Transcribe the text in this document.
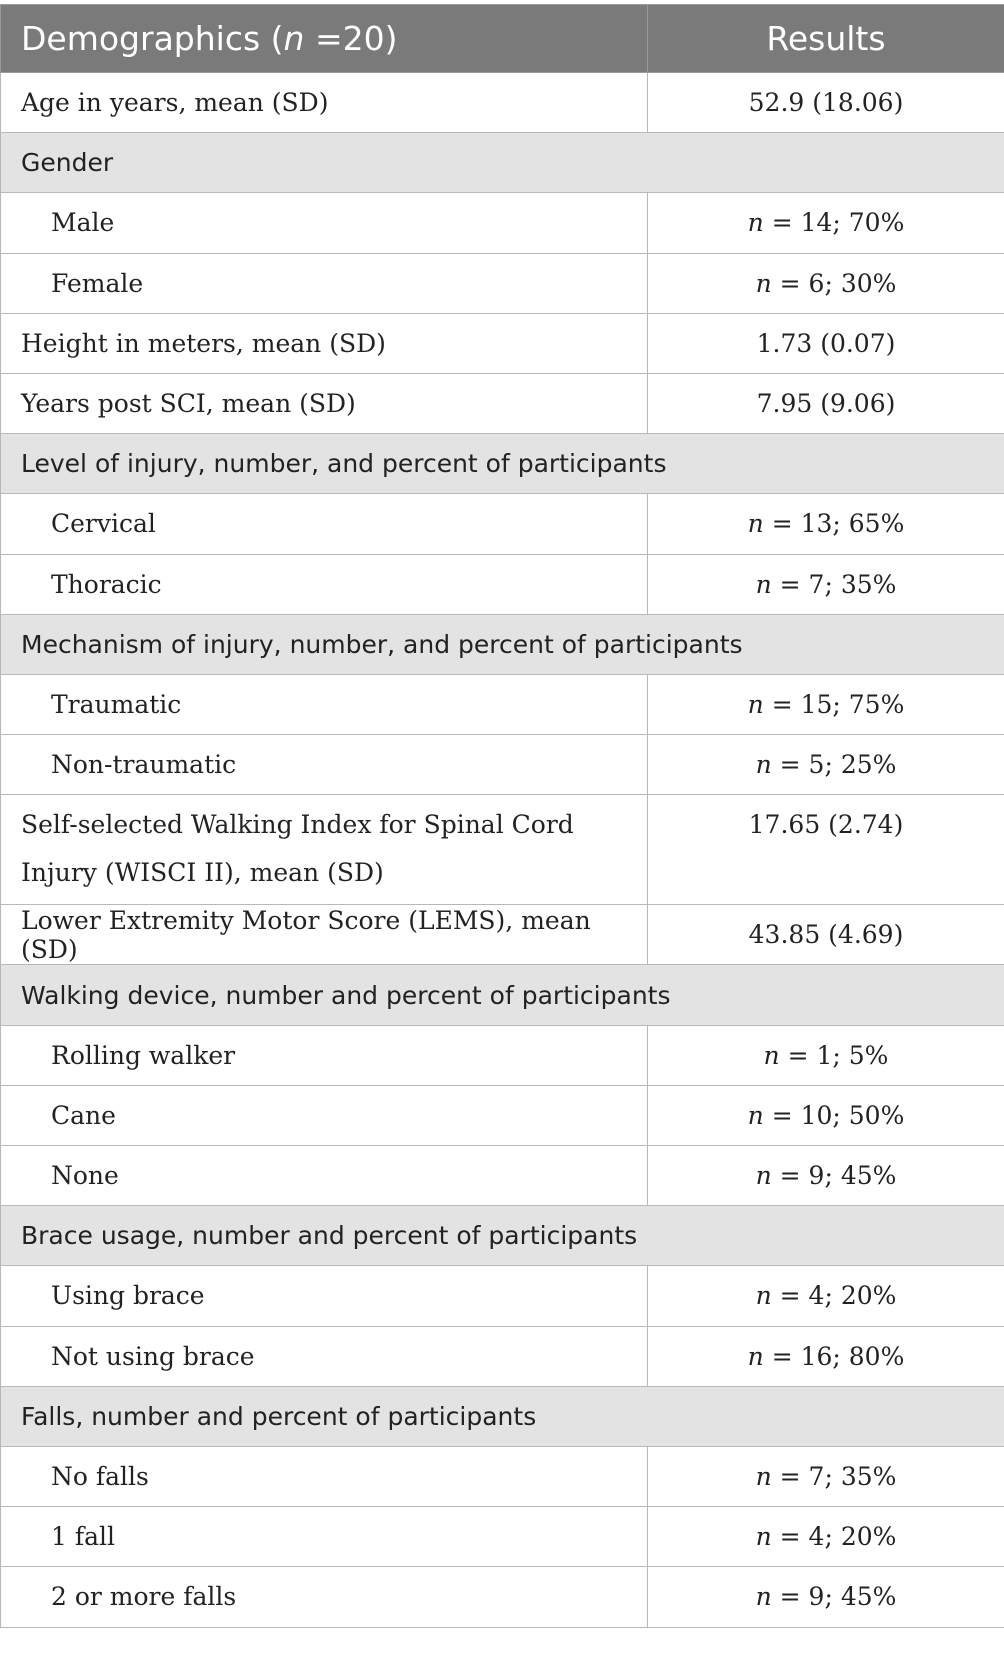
Demographics (n =20)	Results
Age in years, mean (SD)	52.9 (18.06)
Gender	
Male	n = 14; 70%
Female	n = 6; 30%
Height in meters, mean (SD)	1.73 (0.07)
Years post SCI, mean (SD)	7.95 (9.06)
Level of injury, number, and percent of participants	
Cervical	n = 13; 65%
Thoracic	n = 7; 35%
Mechanism of injury, number, and percent of participants	
Traumatic	n = 15; 75%
Non-traumatic	n = 5; 25%
Self-selected Walking Index for Spinal Cord Injury (WISCI II), mean (SD)	17.65 (2.74)
Lower Extremity Motor Score (LEMS), mean (SD)	43.85 (4.69)
Walking device, number and percent of participants	
Rolling walker	n = 1; 5%
Cane	n = 10; 50%
None	n = 9; 45%
Brace usage, number and percent of participants	
Using brace	n = 4; 20%
Not using brace	n = 16; 80%
Falls, number and percent of participants	
No falls	n = 7; 35%
1 fall	n = 4; 20%
2 or more falls	n = 9; 45%
